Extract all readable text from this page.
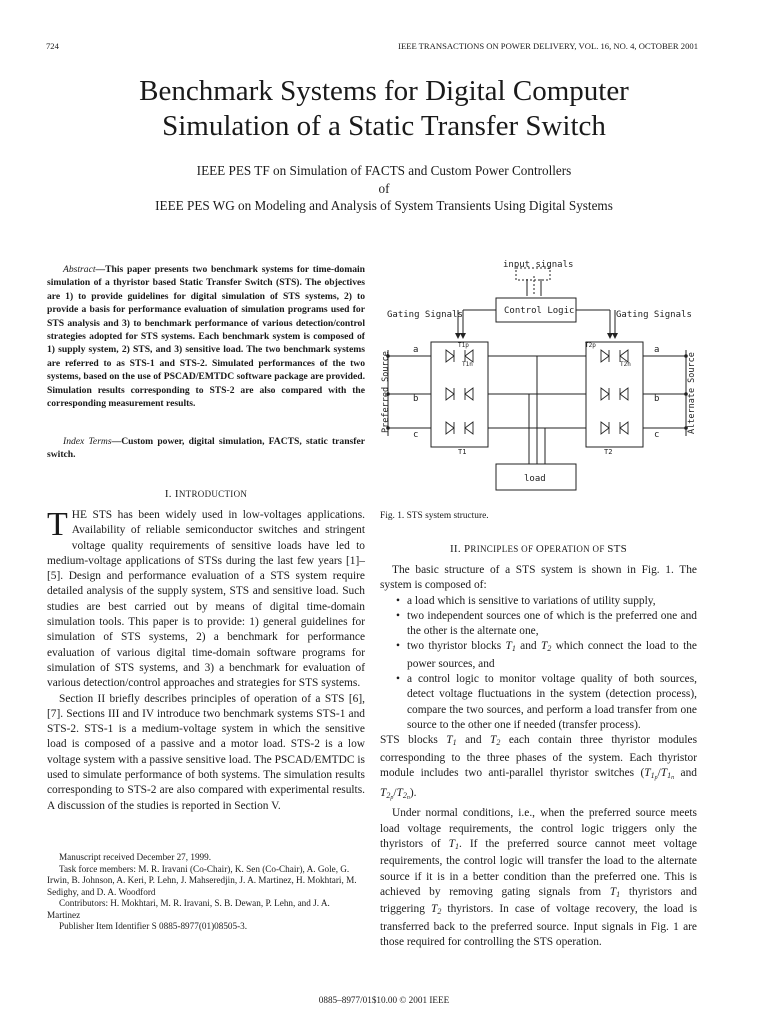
724	IEEE TRANSACTIONS ON POWER DELIVERY, VOL. 16, NO. 4, OCTOBER 2001
Benchmark Systems for Digital Computer
Simulation of a Static Transfer Switch
IEEE PES TF on Simulation of FACTS and Custom Power Controllers
of
IEEE PES WG on Modeling and Analysis of System Transients Using Digital Systems
Abstract—This paper presents two benchmark systems for time-domain simulation of a thyristor based Static Transfer Switch (STS). The objectives are 1) to provide guidelines for digital simulation of STS systems, 2) to provide a basis for performance evaluation of simulation programs used for STS analysis and 3) to benchmark performance of various detection/control strategies adopted for STS systems. Each benchmark system is composed of 1) supply system, 2) STS, and 3) sensitive load. The two benchmark systems are referred to as STS-1 and STS-2. Simulated performances of the two systems, based on the use of PSCAD/EMTDC software package are provided. Simulation results corresponding to STS-2 are also compared with the corresponding measurement results.
Index Terms—Custom power, digital simulation, FACTS, static transfer switch.
I. INTRODUCTION

THE STS has been widely used in low-voltages applications. Availability of reliable semiconductor switches and stringent voltage quality requirements of sensitive loads have led to medium-voltage applications of STSs during the last few years [1]–[5]. Design and performance evaluation of a STS system require detailed analysis of the supply system, STS and sensitive load. Such studies are best carried out by means of digital time-domain simulation tools. This paper is to provide: 1) general guidelines for simulation of STS systems, 2) a benchmark for performance evaluation of various digital time-domain software programs for simulation of STS systems, and 3) a benchmark for evaluation of various detection/control approaches and strategies for STS systems.

Section II briefly describes principles of operation of a STS [6], [7]. Sections III and IV introduce two benchmark systems STS-1 and STS-2. STS-1 is a medium-voltage system in which the sensitive load is composed of a passive and a motor load. STS-2 is a low voltage system with a passive sensitive load. The PSCAD/EMTDC is used to simulate performance of both systems. The simulation results corresponding to STS-2 are also compared with experimental results. A discussion of the studies is reported in Section V.

Manuscript received December 27, 1999.
Task force members: M. R. Iravani (Co-Chair), K. Sen (Co-Chair), A. Gole, G. Irwin, B. Johnson, A. Keri, P. Lehn, J. Mahseredjin, J. A. Martinez, H. Mokhtari, M. Sedighy, and D. A. Woodford
Contributors: H. Mokhtari, M. R. Iravani, S. B. Dewan, P. Lehn, and J. A. Martinez
Publisher Item Identifier S 0885-8977(01)08505-3.
input signals
Control Logic
Gating Signals	Gating Signals
a
b
c
a
b
c
load
T1	T2
T1p
T1n
T2p
T2n
Preferred Source	Alternate Source
Fig. 1. STS system structure.
II. PRINCIPLES OF OPERATION OF STS

The basic structure of a STS system is shown in Fig. 1. The system is composed of:

• a load which is sensitive to variations of utility supply,
• two independent sources one of which is the preferred one and the other is the alternate one,
• two thyristor blocks $T_1$ and $T_2$ which connect the load to the power sources, and
• a control logic to monitor voltage quality of both sources, detect voltage fluctuations in the system (detection process), compare the two sources, and perform a load transfer from one source to the other one if needed (transfer process).

STS blocks $T_1$ and $T_2$ each contain three thyristor modules corresponding to the three phases of the system. Each thyristor module includes two anti-parallel thyristor switches ($T_{1p}/T_{1n}$ and $T_{2p}/T_{2n}$).

Under normal conditions, i.e., when the preferred source meets load voltage requirements, the control logic triggers only the thyristors of $T_1$. If the preferred source cannot meet voltage requirements, the control logic will transfer the load to the alternate source if it is in a better condition than the preferred one. This is achieved by removing gating signals from $T_1$ thyristors and triggering $T_2$ thyristors. In case of voltage recovery, the load is transferred back to the preferred source. Input signals in Fig. 1 are those required for controlling the STS operation.

0885–8977/01$10.00 © 2001 IEEE
